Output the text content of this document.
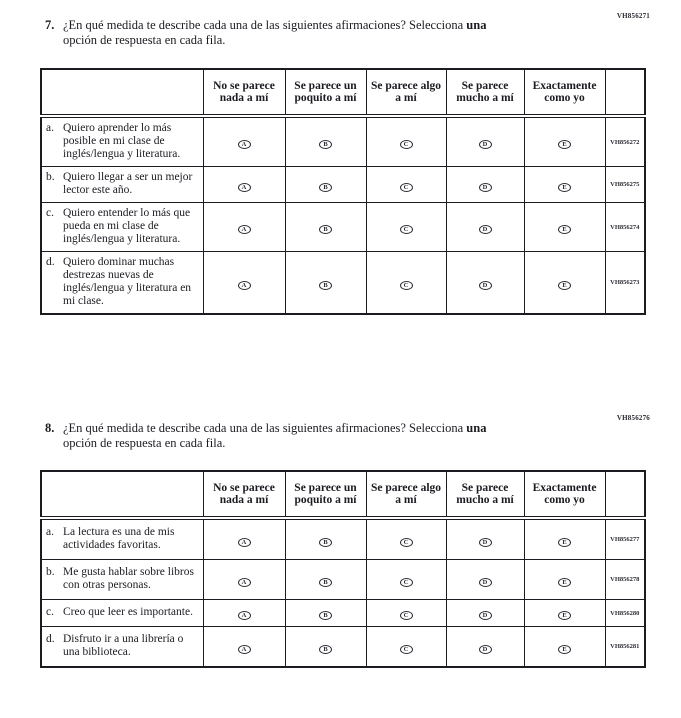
VH856271
7. ¿En qué medida te describe cada una de las siguientes afirmaciones? Selecciona una
opción de respuesta en cada fila.
	No se parece nada a mí	Se parece un poquito a mí	Se parece algo a mí	Se parece mucho a mí	Exactamente como yo	
a. Quiero aprender lo más posible en mi clase de inglés/lengua y literatura.	A	B	C	D	E	VH856272
b. Quiero llegar a ser un mejor lector este año.	A	B	C	D	E	VH856275
c. Quiero entender lo más que pueda en mi clase de inglés/lengua y literatura.	A	B	C	D	E	VH856274
d. Quiero dominar muchas destrezas nuevas de inglés/lengua y literatura en mi clase.	A	B	C	D	E	VH856273
VH856276
8. ¿En qué medida te describe cada una de las siguientes afirmaciones? Selecciona una
opción de respuesta en cada fila.
	No se parece nada a mí	Se parece un poquito a mí	Se parece algo a mí	Se parece mucho a mí	Exactamente como yo	
a. La lectura es una de mis actividades favoritas.	A	B	C	D	E	VH856277
b. Me gusta hablar sobre libros con otras personas.	A	B	C	D	E	VH856278
c. Creo que leer es importante.	A	B	C	D	E	VH856280
d. Disfruto ir a una librería o una biblioteca.	A	B	C	D	E	VH856281
